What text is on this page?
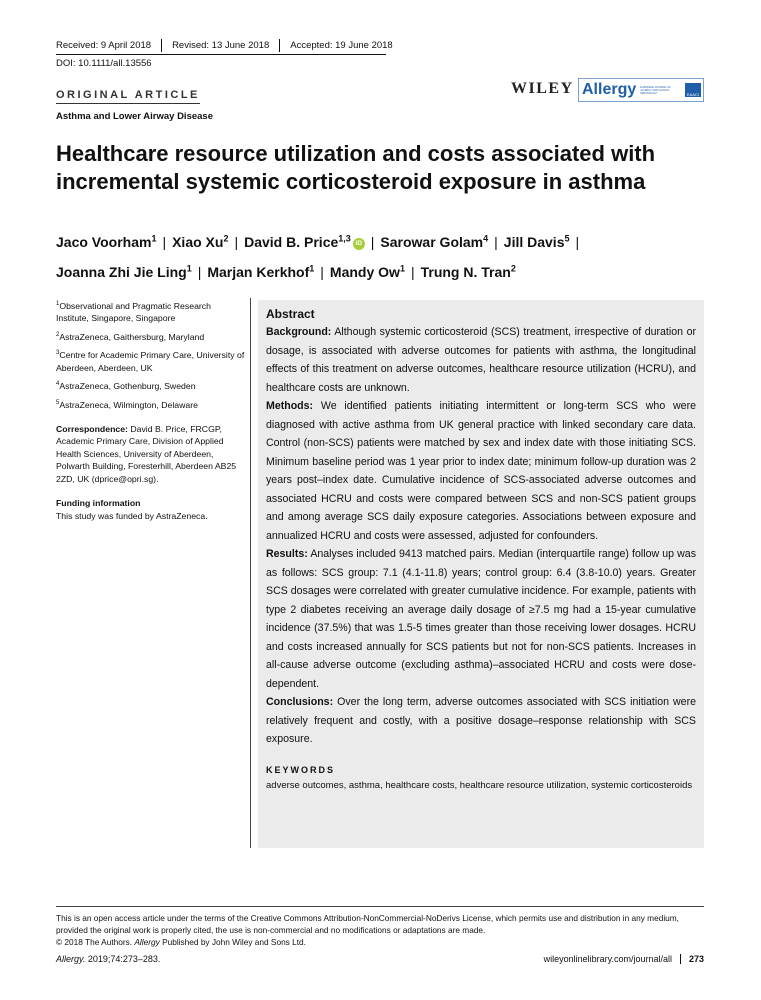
Received: 9 April 2018	Revised: 13 June 2018	Accepted: 19 June 2018
DOI: 10.1111/all.13556
WILEY Allergy EUROPEAN JOURNAL OF ALLERGY AND CLINICAL IMMUNOLOGY	EAACI
ORIGINAL ARTICLE
Asthma and Lower Airway Disease
Healthcare resource utilization and costs associated with incremental systemic corticosteroid exposure in asthma
Jaco Voorham$^1$ | Xiao Xu$^2$ | David B. Price$^{1,3}$iD | Sarowar Golam$^4$ | Jill Davis$^5$ |
Joanna Zhi Jie Ling$^1$ | Marjan Kerkhof$^1$ | Mandy Ow$^1$ | Trung N. Tran$^2$
$^1$Observational and Pragmatic Research Institute, Singapore, Singapore
$^2$AstraZeneca, Gaithersburg, Maryland
$^3$Centre for Academic Primary Care, University of Aberdeen, Aberdeen, UK
$^4$AstraZeneca, Gothenburg, Sweden
$^5$AstraZeneca, Wilmington, Delaware
Correspondence: David B. Price, FRCGP, Academic Primary Care, Division of Applied Health Sciences, University of Aberdeen, Polwarth Building, Foresterhill, Aberdeen AB25 2ZD, UK (dprice@opri.sg).
Funding information
This study was funded by AstraZeneca.
Abstract

Background: Although systemic corticosteroid (SCS) treatment, irrespective of duration or dosage, is associated with adverse outcomes for patients with asthma, the longitudinal effects of this treatment on adverse outcomes, healthcare resource utilization (HCRU), and healthcare costs are unknown.

Methods: We identified patients initiating intermittent or long-term SCS who were diagnosed with active asthma from UK general practice with linked secondary care data. Control (non-SCS) patients were matched by sex and index date with those initiating SCS. Minimum baseline period was 1 year prior to index date; minimum follow-up duration was 2 years post–index date. Cumulative incidence of SCS-associated adverse outcomes and associated HCRU and costs were compared between SCS and non-SCS patient groups and among average SCS daily exposure categories. Associations between exposure and annualized HCRU and costs were assessed, adjusted for confounders.

Results: Analyses included 9413 matched pairs. Median (interquartile range) follow up was as follows: SCS group: 7.1 (4.1-11.8) years; control group: 6.4 (3.8-10.0) years. Greater SCS dosages were correlated with greater cumulative incidence. For example, patients with type 2 diabetes receiving an average daily dosage of ≥7.5 mg had a 15-year cumulative incidence (37.5%) that was 1.5-5 times greater than those receiving lower dosages. HCRU and costs increased annually for SCS patients but not for non-SCS patients. Increases in all-cause adverse outcome (excluding asthma)–associated HCRU and costs were dose-dependent.

Conclusions: Over the long term, adverse outcomes associated with SCS initiation were relatively frequent and costly, with a positive dosage–response relationship with SCS exposure.

KEYWORDS
adverse outcomes, asthma, healthcare costs, healthcare resource utilization, systemic corticosteroids
This is an open access article under the terms of the Creative Commons Attribution-NonCommercial-NoDerivs License, which permits use and distribution in any medium, provided the original work is properly cited, the use is non-commercial and no modifications or adaptations are made.
© 2018 The Authors. Allergy Published by John Wiley and Sons Ltd.
Allergy. 2019;74:273–283.	wileyonlinelibrary.com/journal/all	273
